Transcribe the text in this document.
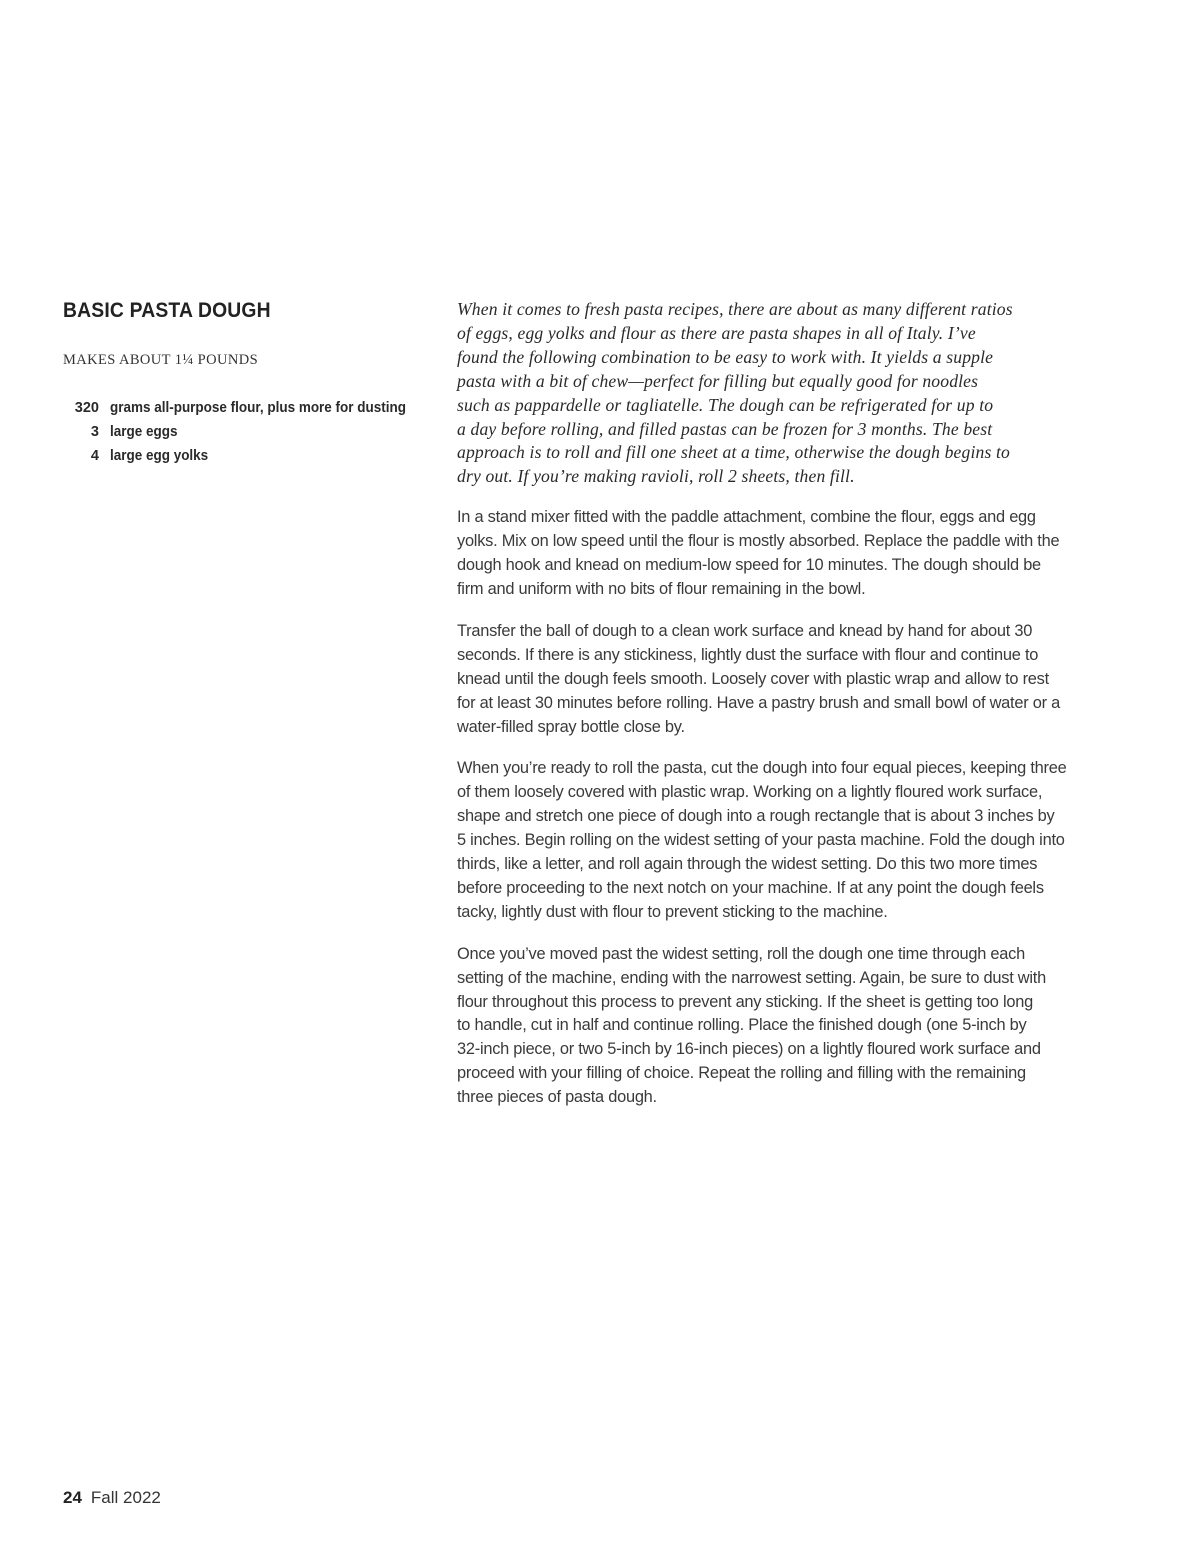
BASIC PASTA DOUGH
MAKES ABOUT 1¼ POUNDS
320 grams all-purpose flour, plus more for dusting
3 large eggs
4 large egg yolks

When it comes to fresh pasta recipes, there are about as many different ratios
of eggs, egg yolks and flour as there are pasta shapes in all of Italy. I’ve
found the following combination to be easy to work with. It yields a supple
pasta with a bit of chew—perfect for filling but equally good for noodles
such as pappardelle or tagliatelle. The dough can be refrigerated for up to
a day before rolling, and filled pastas can be frozen for 3 months. The best
approach is to roll and fill one sheet at a time, otherwise the dough begins to
dry out. If you’re making ravioli, roll 2 sheets, then fill.

In a stand mixer fitted with the paddle attachment, combine the flour, eggs and egg
yolks. Mix on low speed until the flour is mostly absorbed. Replace the paddle with the
dough hook and knead on medium-low speed for 10 minutes. The dough should be
firm and uniform with no bits of flour remaining in the bowl.

Transfer the ball of dough to a clean work surface and knead by hand for about 30
seconds. If there is any stickiness, lightly dust the surface with flour and continue to
knead until the dough feels smooth. Loosely cover with plastic wrap and allow to rest
for at least 30 minutes before rolling. Have a pastry brush and small bowl of water or a
water-filled spray bottle close by.

When you’re ready to roll the pasta, cut the dough into four equal pieces, keeping three
of them loosely covered with plastic wrap. Working on a lightly floured work surface,
shape and stretch one piece of dough into a rough rectangle that is about 3 inches by
5 inches. Begin rolling on the widest setting of your pasta machine. Fold the dough into
thirds, like a letter, and roll again through the widest setting. Do this two more times
before proceeding to the next notch on your machine. If at any point the dough feels
tacky, lightly dust with flour to prevent sticking to the machine.

Once you’ve moved past the widest setting, roll the dough one time through each
setting of the machine, ending with the narrowest setting. Again, be sure to dust with
flour throughout this process to prevent any sticking. If the sheet is getting too long
to handle, cut in half and continue rolling. Place the finished dough (one 5-inch by
32-inch piece, or two 5-inch by 16-inch pieces) on a lightly floured work surface and
proceed with your filling of choice. Repeat the rolling and filling with the remaining
three pieces of pasta dough.

24 Fall 2022
